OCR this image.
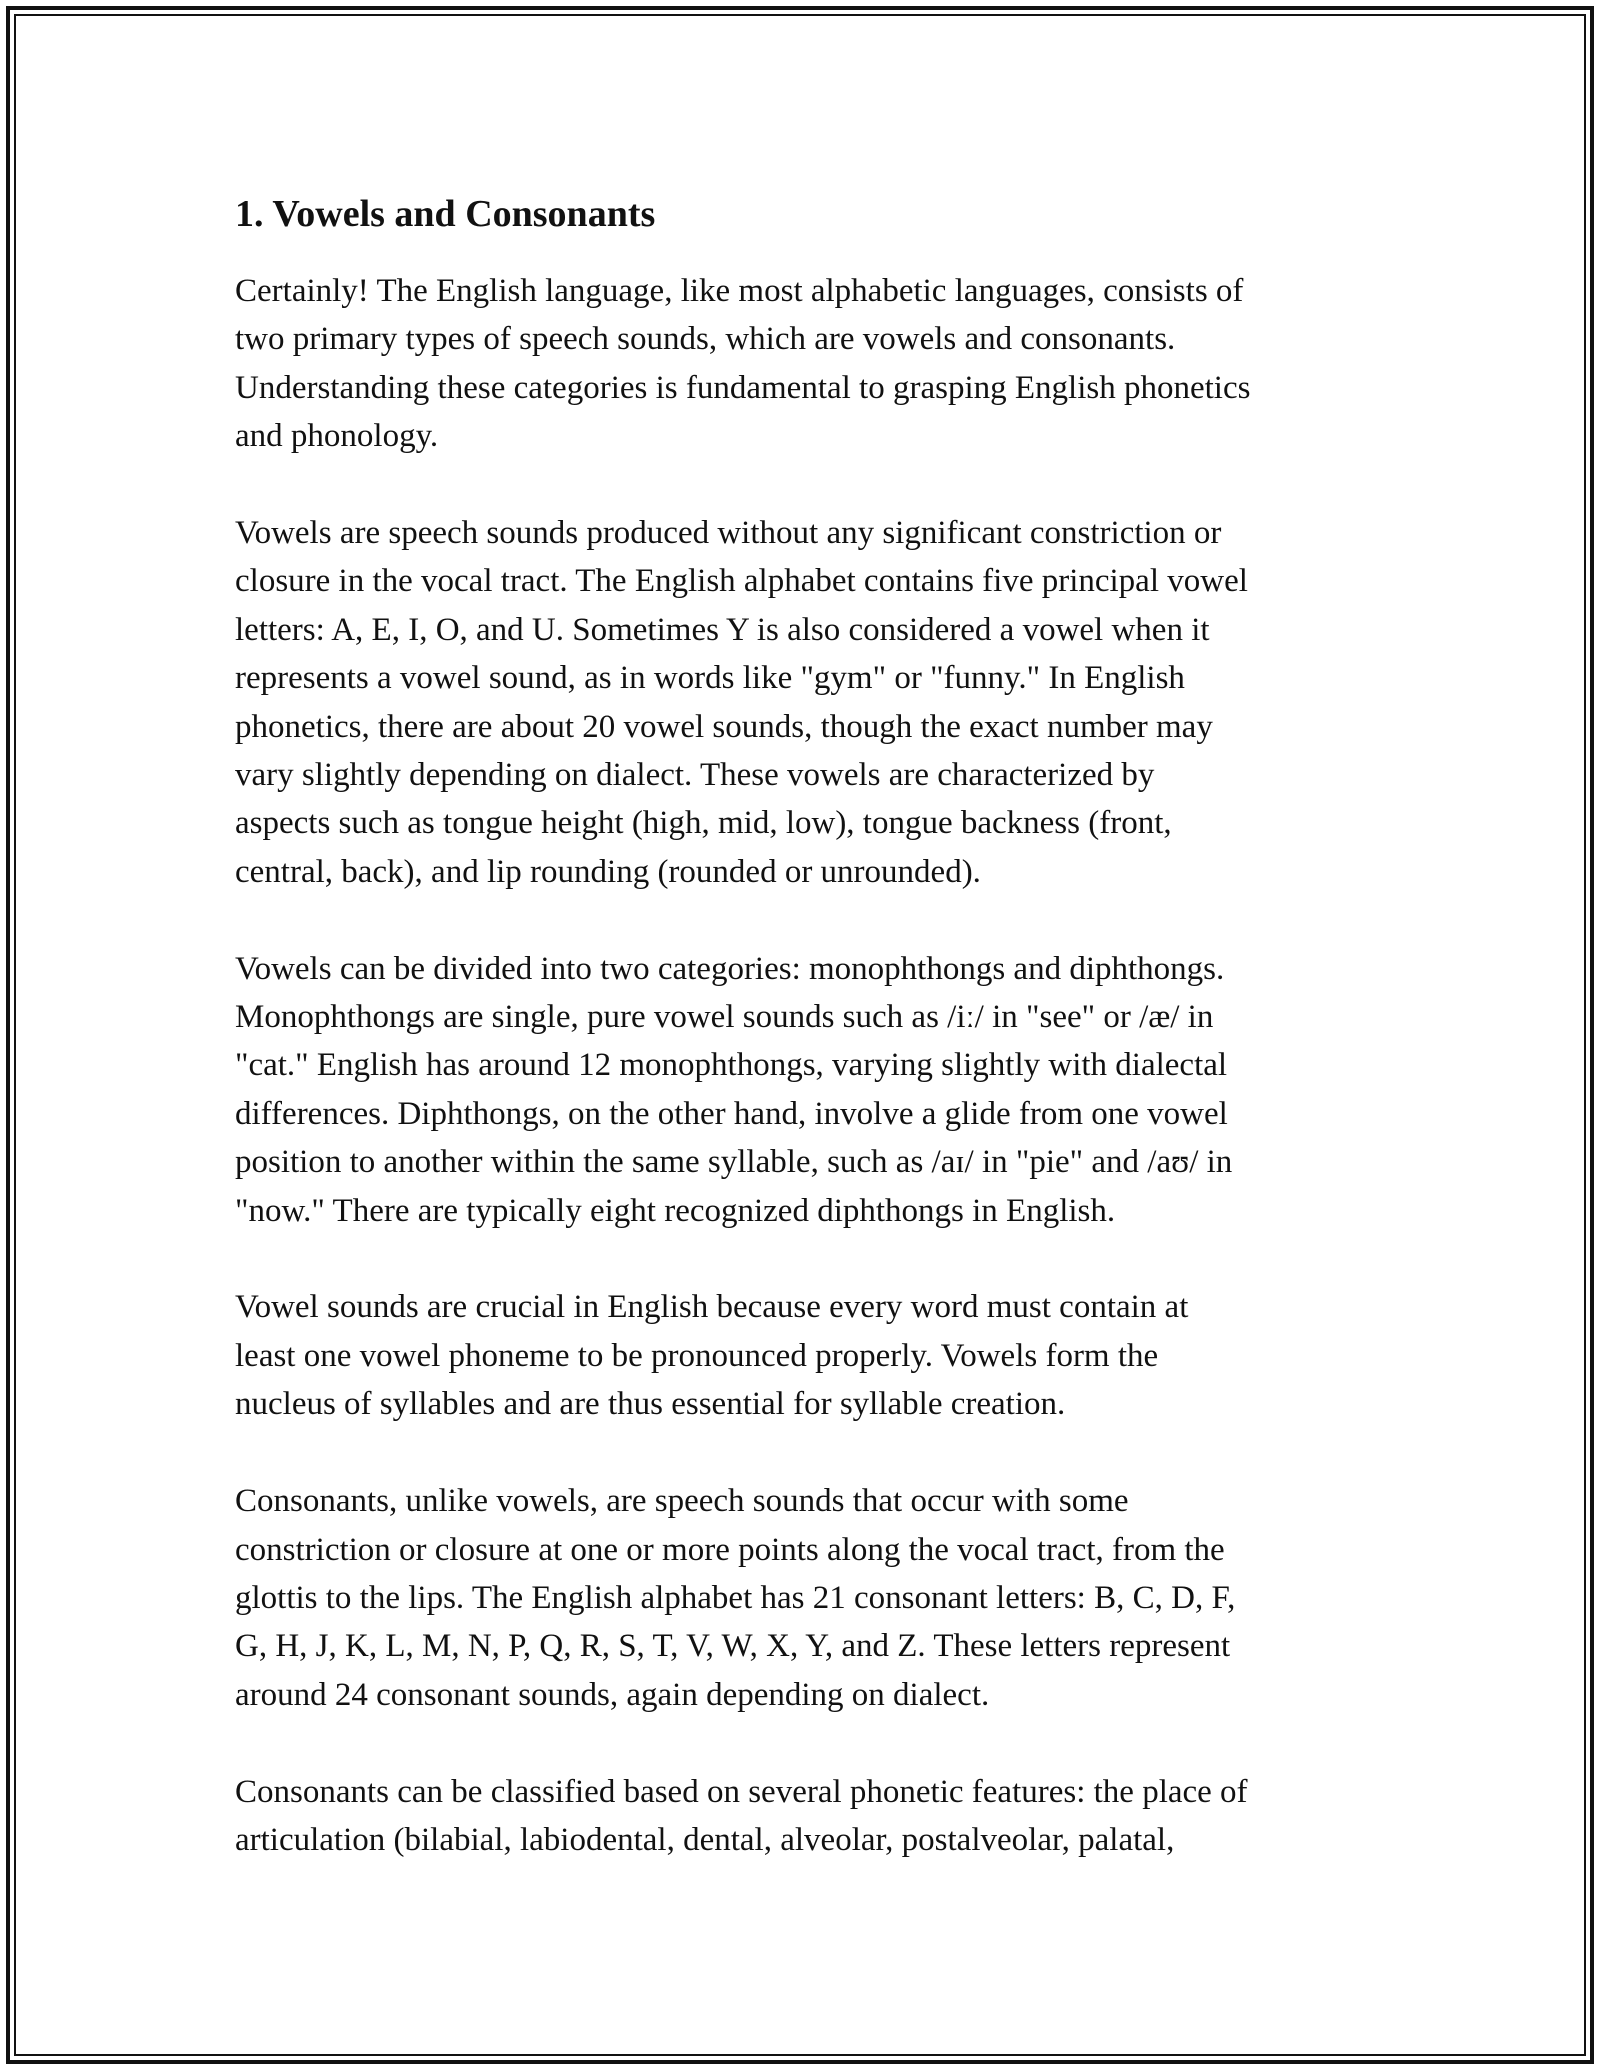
1. Vowels and Consonants

Certainly! The English language, like most alphabetic languages, consists of
two primary types of speech sounds, which are vowels and consonants.
Understanding these categories is fundamental to grasping English phonetics
and phonology.

Vowels are speech sounds produced without any significant constriction or
closure in the vocal tract. The English alphabet contains five principal vowel
letters: A, E, I, O, and U. Sometimes Y is also considered a vowel when it
represents a vowel sound, as in words like "gym" or "funny." In English
phonetics, there are about 20 vowel sounds, though the exact number may
vary slightly depending on dialect. These vowels are characterized by
aspects such as tongue height (high, mid, low), tongue backness (front,
central, back), and lip rounding (rounded or unrounded).

Vowels can be divided into two categories: monophthongs and diphthongs.
Monophthongs are single, pure vowel sounds such as /iː/ in "see" or /æ/ in
"cat." English has around 12 monophthongs, varying slightly with dialectal
differences. Diphthongs, on the other hand, involve a glide from one vowel
position to another within the same syllable, such as /aɪ/ in "pie" and /aʊ/ in
"now." There are typically eight recognized diphthongs in English.

Vowel sounds are crucial in English because every word must contain at
least one vowel phoneme to be pronounced properly. Vowels form the
nucleus of syllables and are thus essential for syllable creation.

Consonants, unlike vowels, are speech sounds that occur with some
constriction or closure at one or more points along the vocal tract, from the
glottis to the lips. The English alphabet has 21 consonant letters: B, C, D, F,
G, H, J, K, L, M, N, P, Q, R, S, T, V, W, X, Y, and Z. These letters represent
around 24 consonant sounds, again depending on dialect.

Consonants can be classified based on several phonetic features: the place of
articulation (bilabial, labiodental, dental, alveolar, postalveolar, palatal,
